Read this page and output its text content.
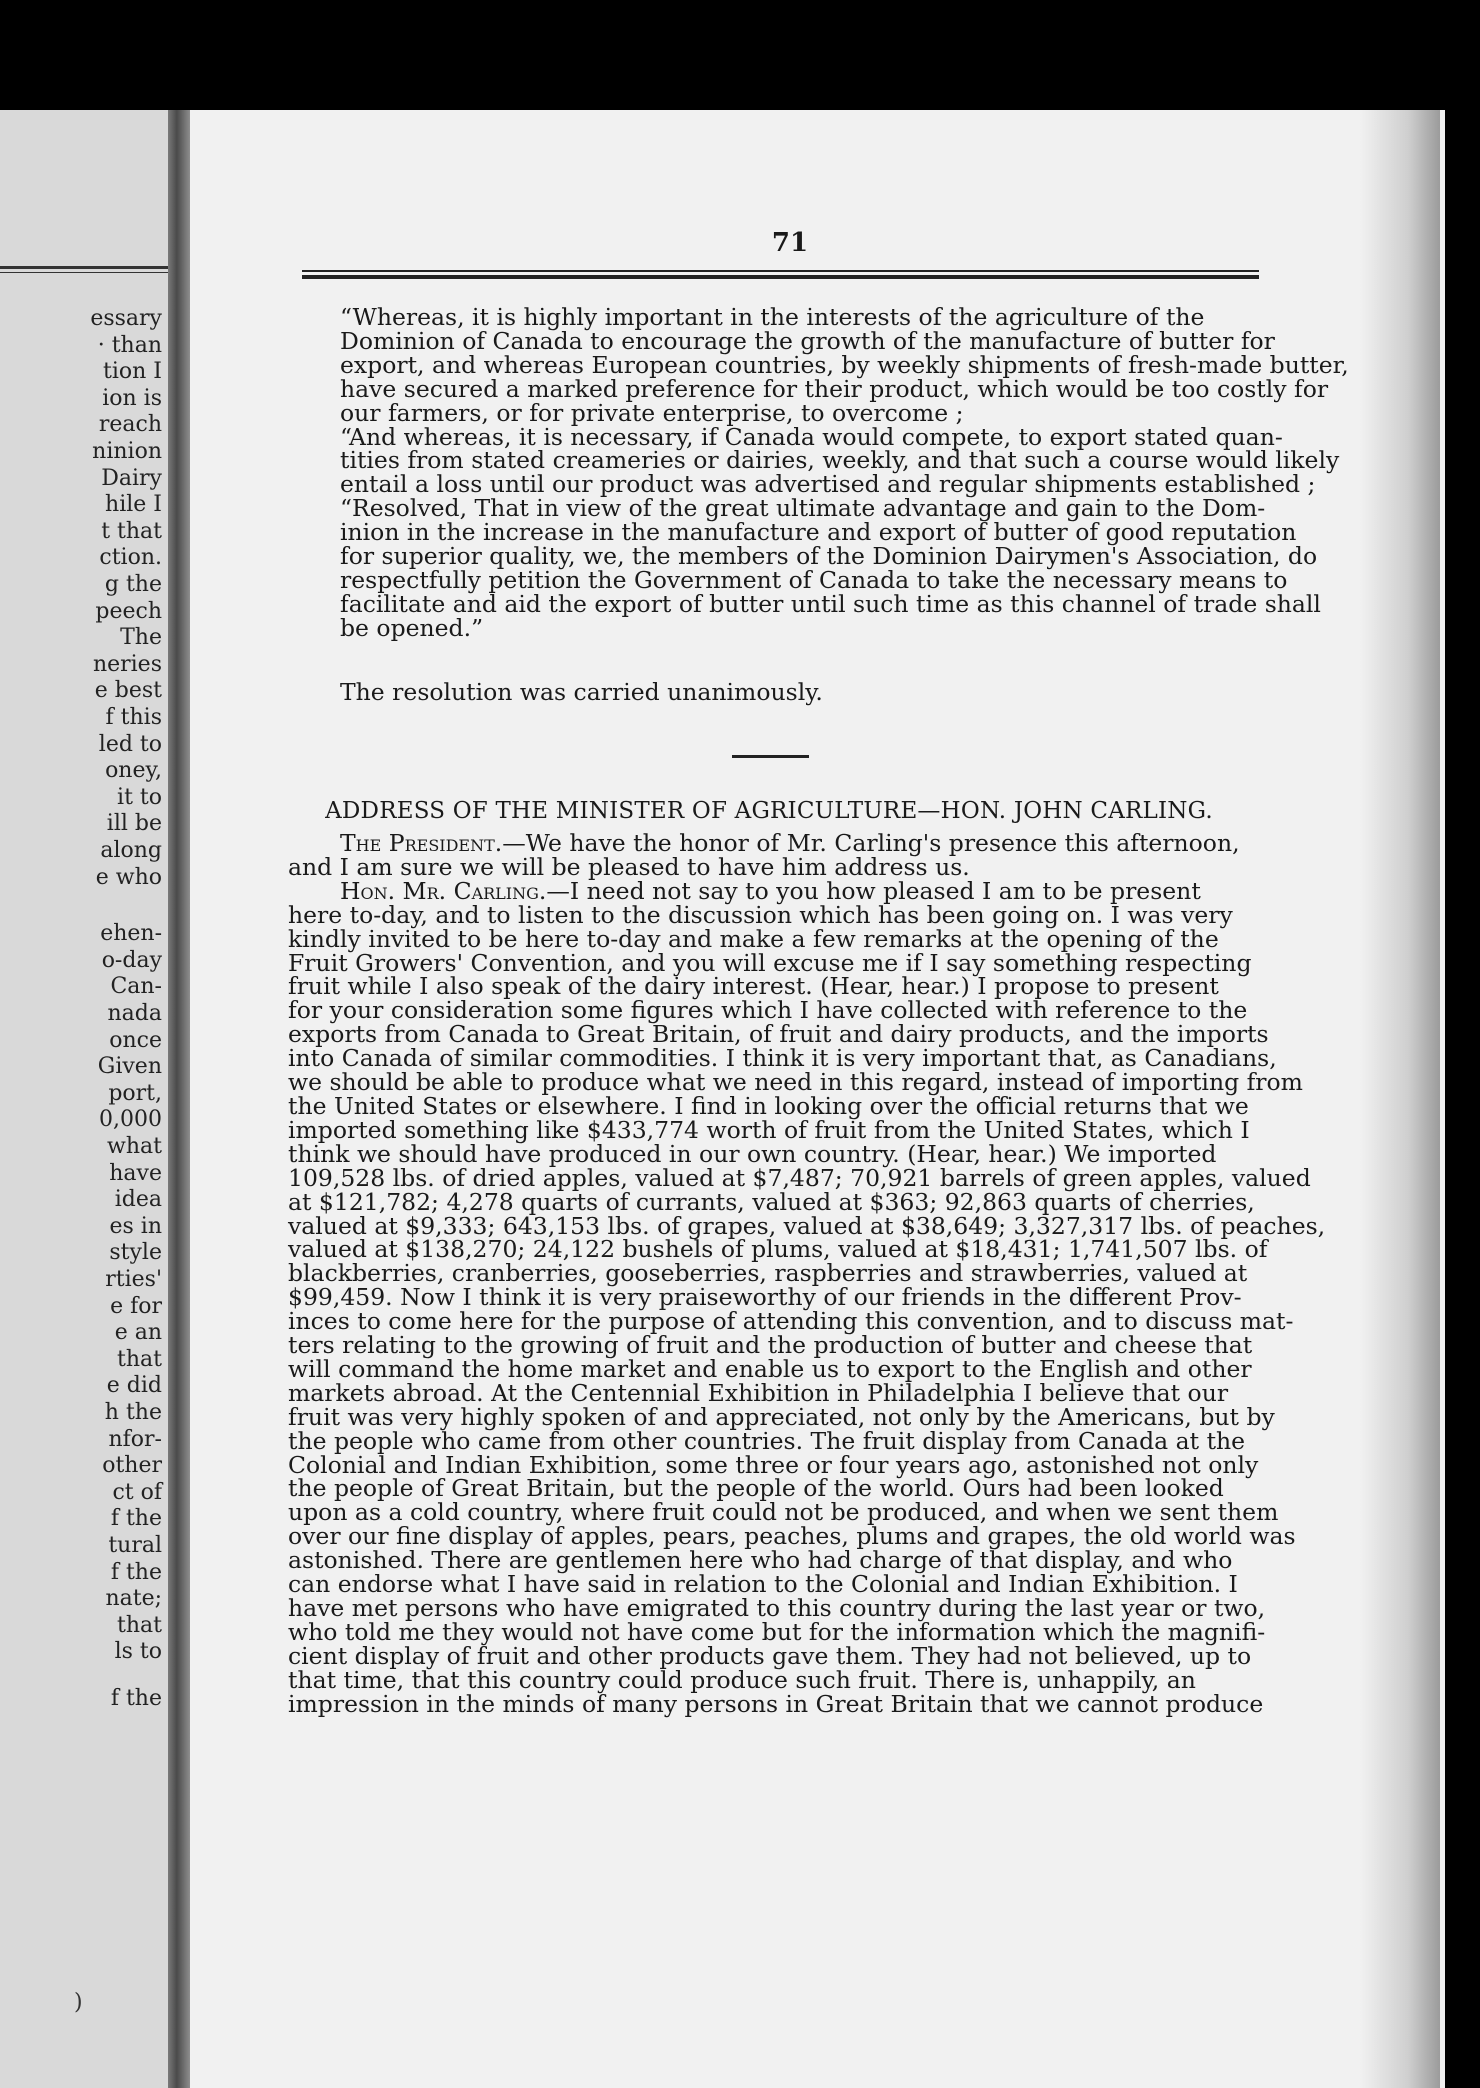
essary
· than
tion I
ion is
reach
ninion
Dairy
hile I
t that
ction.
g the
peech
The
neries
e best
f this
led to
oney,
it to
ill be
along
e who
ehen-
o-day
Can-
nada
once
Given
port,
0,000
what
have
idea
es in
style
rties'
e for
e an
that
e did
h the
nfor-
other
ct of
f the
tural
f the
nate;
that
ls to
f the
)
71

“Whereas, it is highly important in the interests of the agriculture of the
Dominion of Canada to encourage the growth of the manufacture of butter for
export, and whereas European countries, by weekly shipments of fresh-made butter,
have secured a marked preference for their product, which would be too costly for
our farmers, or for private enterprise, to overcome ;

“And whereas, it is necessary, if Canada would compete, to export stated quan-
tities from stated creameries or dairies, weekly, and that such a course would likely
entail a loss until our product was advertised and regular shipments established ;

“Resolved, That in view of the great ultimate advantage and gain to the Dom-
inion in the increase in the manufacture and export of butter of good reputation
for superior quality, we, the members of the Dominion Dairymen's Association, do
respectfully petition the Government of Canada to take the necessary means to
facilitate and aid the export of butter until such time as this channel of trade shall
be opened.”

The resolution was carried unanimously.
ADDRESS OF THE MINISTER OF AGRICULTURE—HON. JOHN CARLING.

The President.—We have the honor of Mr. Carling's presence this afternoon,
and I am sure we will be pleased to have him address us.

Hon. Mr. Carling.—I need not say to you how pleased I am to be present
here to-day, and to listen to the discussion which has been going on. I was very
kindly invited to be here to-day and make a few remarks at the opening of the
Fruit Growers' Convention, and you will excuse me if I say something respecting
fruit while I also speak of the dairy interest. (Hear, hear.) I propose to present
for your consideration some figures which I have collected with reference to the
exports from Canada to Great Britain, of fruit and dairy products, and the imports
into Canada of similar commodities. I think it is very important that, as Canadians,
we should be able to produce what we need in this regard, instead of importing from
the United States or elsewhere. I find in looking over the official returns that we
imported something like $433,774 worth of fruit from the United States, which I
think we should have produced in our own country. (Hear, hear.) We imported
109,528 lbs. of dried apples, valued at $7,487; 70,921 barrels of green apples, valued
at $121,782; 4,278 quarts of currants, valued at $363; 92,863 quarts of cherries,
valued at $9,333; 643,153 lbs. of grapes, valued at $38,649; 3,327,317 lbs. of peaches,
valued at $138,270; 24,122 bushels of plums, valued at $18,431; 1,741,507 lbs. of
blackberries, cranberries, gooseberries, raspberries and strawberries, valued at
$99,459. Now I think it is very praiseworthy of our friends in the different Prov-
inces to come here for the purpose of attending this convention, and to discuss mat-
ters relating to the growing of fruit and the production of butter and cheese that
will command the home market and enable us to export to the English and other
markets abroad. At the Centennial Exhibition in Philadelphia I believe that our
fruit was very highly spoken of and appreciated, not only by the Americans, but by
the people who came from other countries. The fruit display from Canada at the
Colonial and Indian Exhibition, some three or four years ago, astonished not only
the people of Great Britain, but the people of the world. Ours had been looked
upon as a cold country, where fruit could not be produced, and when we sent them
over our fine display of apples, pears, peaches, plums and grapes, the old world was
astonished. There are gentlemen here who had charge of that display, and who
can endorse what I have said in relation to the Colonial and Indian Exhibition. I
have met persons who have emigrated to this country during the last year or two,
who told me they would not have come but for the information which the magnifi-
cient display of fruit and other products gave them. They had not believed, up to
that time, that this country could produce such fruit. There is, unhappily, an
impression in the minds of many persons in Great Britain that we cannot produce
